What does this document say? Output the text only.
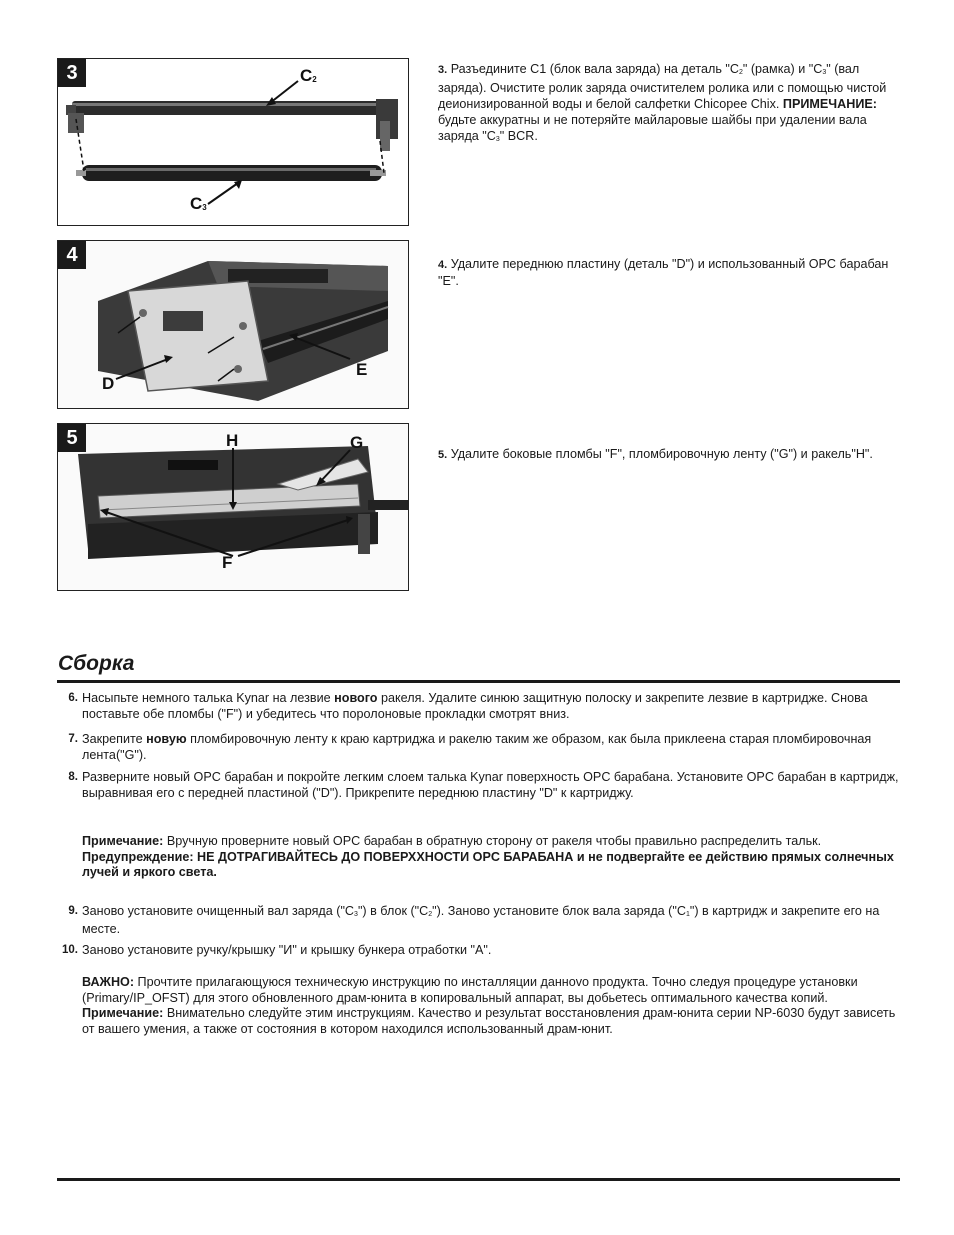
3	$C_2$
$C_3$
4
D
E
5	H	G
F

3. Разъедините C1 (блок вала заряда) на деталь "C2" (рамка) и "C3" (вал заряда). Очистите ролик заряда очистителем ролика или с помощью чистой деионизированной воды и белой салфетки Chicopee Chix. ПРИМЕЧАНИЕ: будьте аккуратны и не потеряйте майларовые шайбы при удалении вала заряда "C3" BCR.

4. Удалите переднюю пластину (деталь "D") и использованный OPC барабан "E".

5. Удалите боковые пломбы "F", пломбировочную ленту ("G") и ракель"H".

Сборка

6. Насыпьте немного талька Kynar на лезвие нового ракеля. Удалите синюю защитную полоску и закрепите лезвие в картридже. Снова поставьте обе пломбы ("F") и убедитесь что поролоновые прокладки смотрят вниз.

7. Закрепите новую пломбировочную ленту к краю картриджа и ракелю таким же образом, как была приклеена старая пломбировочная лента("G").

8. Разверните новый OPC барабан и покройте легким слоем талька Kynar поверхность OPC барабана. Установите OPC барабан в картридж, выравнивая его с передней пластиной ("D"). Прикрепите переднюю пластину "D" к картриджу.

Примечание: Вручную проверните новый OPC барабан в обратную сторону от ракеля чтобы правильно распределить тальк.
Предупреждение: НЕ ДОТРАГИВАЙТЕСЬ ДО ПОВЕРХХНОСТИ OPC БАРАБАНА и не подвергайте ее действию прямых солнечных лучей и яркого света.

9. Заново установите очищенный вал заряда ("C3") в блок ("C2"). Заново установите блок вала заряда ("C1") в картридж и закрепите его на месте.

10. Заново установите ручку/крышку "И" и крышку бункера отработки "A".

ВАЖНО: Прочтите прилагающуюся техническую инструкцию по инсталляции данноvо продукта. Точно следуя процедуре установки (Primary/IP_OFST) для этого обновленного драм-юнита в копировальный аппарат, вы добьетесь оптимального качества копий. Примечание: Внимательно следуйте этим инструкциям. Качество и результат восстановления драм-юнита серии NP-6030 будут зависеть от вашего умения, а также от состояния в котором находился использованный драм-юнит.
